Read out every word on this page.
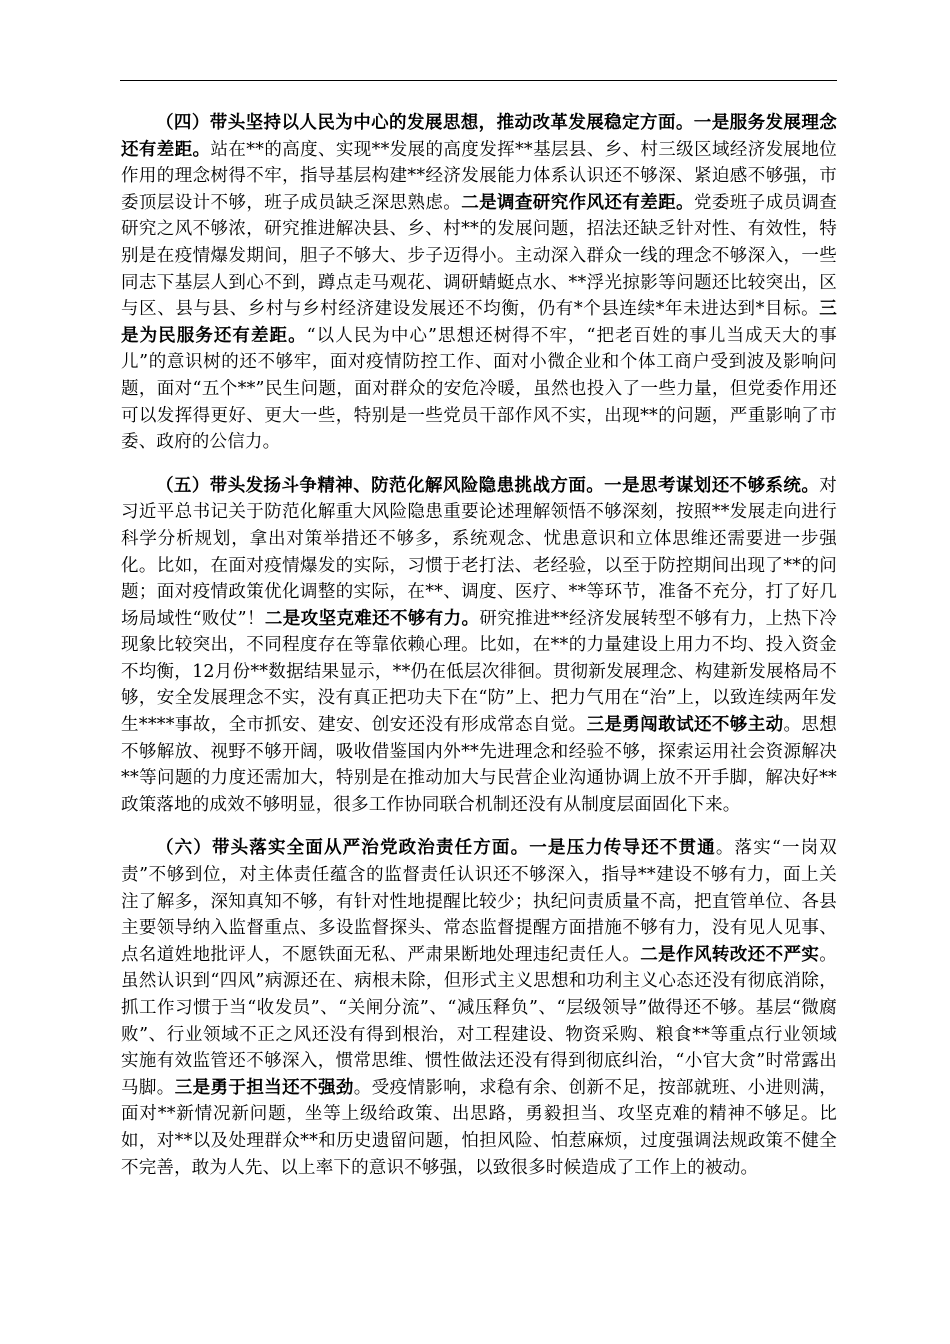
（四）带头坚持以人民为中心的发展思想，推动改革发展稳定方面。一是服务发展理念还有差距。站在**的高度、实现**发展的高度发挥**基层县、乡、村三级区域经济发展地位作用的理念树得不牢，指导基层构建**经济发展能力体系认识还不够深、紧迫感不够强，市委顶层设计不够，班子成员缺乏深思熟虑。二是调查研究作风还有差距。党委班子成员调查研究之风不够浓，研究推进解决县、乡、村**的发展问题，招法还缺乏针对性、有效性，特别是在疫情爆发期间，胆子不够大、步子迈得小。主动深入群众一线的理念不够深入，一些同志下基层人到心不到，蹲点走马观花、调研蜻蜓点水、**浮光掠影等问题还比较突出，区与区、县与县、乡村与乡村经济建设发展还不均衡，仍有*个县连续*年未进达到*目标。三是为民服务还有差距。“以人民为中心”思想还树得不牢，“把老百姓的事儿当成天大的事儿”的意识树的还不够牢，面对疫情防控工作、面对小微企业和个体工商户受到波及影响问题，面对“五个**”民生问题，面对群众的安危冷暖，虽然也投入了一些力量，但党委作用还可以发挥得更好、更大一些，特别是一些党员干部作风不实，出现**的问题，严重影响了市委、政府的公信力。

（五）带头发扬斗争精神、防范化解风险隐患挑战方面。一是思考谋划还不够系统。对习近平总书记关于防范化解重大风险隐患重要论述理解领悟不够深刻，按照**发展走向进行科学分析规划，拿出对策举措还不够多，系统观念、忧患意识和立体思维还需要进一步强化。比如，在面对疫情爆发的实际，习惯于老打法、老经验，以至于防控期间出现了**的问题；面对疫情政策优化调整的实际，在**、调度、医疗、**等环节，准备不充分，打了好几场局域性“败仗”！二是攻坚克难还不够有力。研究推进**经济发展转型不够有力，上热下冷现象比较突出，不同程度存在等靠依赖心理。比如，在**的力量建设上用力不均、投入资金不均衡，12月份**数据结果显示，**仍在低层次徘徊。贯彻新发展理念、构建新发展格局不够，安全发展理念不实，没有真正把功夫下在“防”上、把力气用在“治”上，以致连续两年发生****事故，全市抓安、建安、创安还没有形成常态自觉。三是勇闯敢试还不够主动。思想不够解放、视野不够开阔，吸收借鉴国内外**先进理念和经验不够，探索运用社会资源解决**等问题的力度还需加大，特别是在推动加大与民营企业沟通协调上放不开手脚，解决好**政策落地的成效不够明显，很多工作协同联合机制还没有从制度层面固化下来。

（六）带头落实全面从严治党政治责任方面。一是压力传导还不贯通。落实“一岗双责”不够到位，对主体责任蕴含的监督责任认识还不够深入，指导**建设不够有力，面上关注了解多，深知真知不够，有针对性地提醒比较少；执纪问责质量不高，把直管单位、各县主要领导纳入监督重点、多设监督探头、常态监督提醒方面措施不够有力，没有见人见事、点名道姓地批评人，不愿铁面无私、严肃果断地处理违纪责任人。二是作风转改还不严实。虽然认识到“四风”病源还在、病根未除，但形式主义思想和功利主义心态还没有彻底消除，抓工作习惯于当“收发员”、“关闸分流”、“减压释负”、“层级领导”做得还不够。基层“微腐败”、行业领域不正之风还没有得到根治，对工程建设、物资采购、粮食**等重点行业领域实施有效监管还不够深入，惯常思维、惯性做法还没有得到彻底纠治，“小官大贪”时常露出马脚。三是勇于担当还不强劲。受疫情影响，求稳有余、创新不足，按部就班、小进则满，面对**新情况新问题，坐等上级给政策、出思路，勇毅担当、攻坚克难的精神不够足。比如，对**以及处理群众**和历史遗留问题，怕担风险、怕惹麻烦，过度强调法规政策不健全不完善，敢为人先、以上率下的意识不够强，以致很多时候造成了工作上的被动。
